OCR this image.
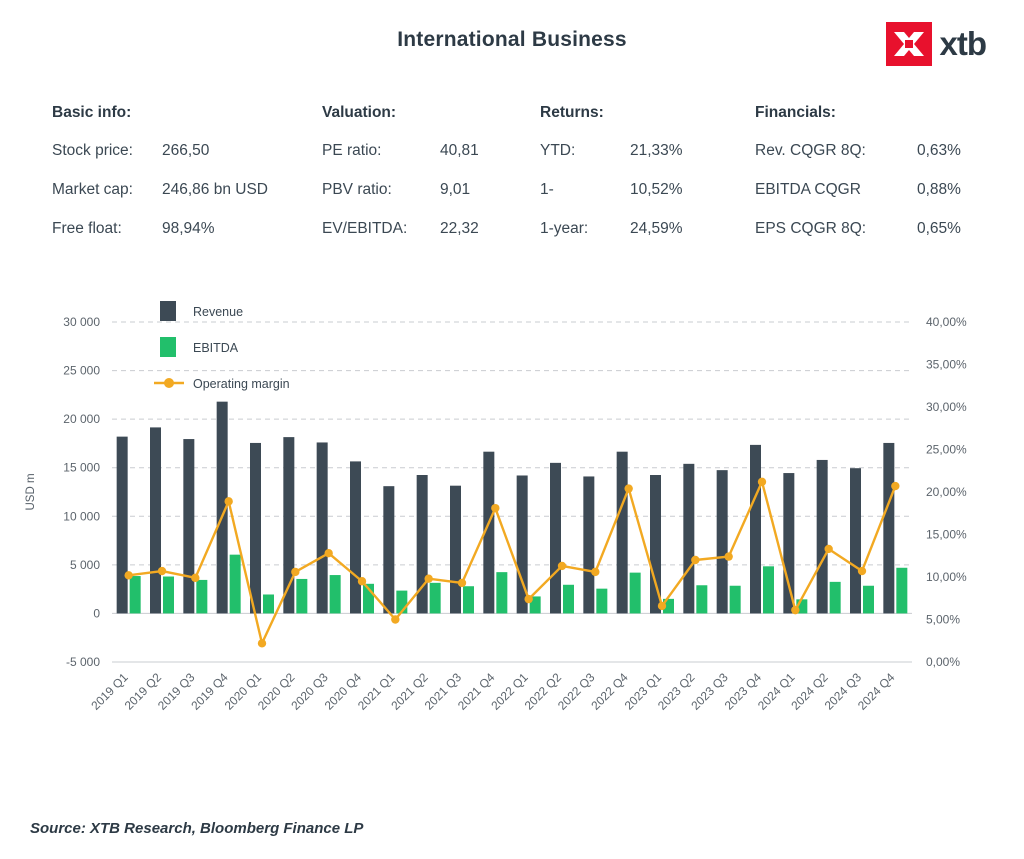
International Business	xtb
Basic info:
Stock price:	266,50
Market cap:	246,86 bn USD
Free float:	98,94%
Valuation:
PE ratio:	40,81
PBV ratio:	9,01
EV/EBITDA:	22,32
Returns:
YTD:	21,33%
1-	10,52%
1-year:	24,59%
Financials:
Rev. CQGR 8Q:	0,63%
EBITDA CQGR	0,88%
EPS CQGR 8Q:	0,65%
-5 000
0
5 000
10 000
15 000
20 000
25 000
30 000
0,00%
5,00%
10,00%
15,00%
20,00%
25,00%
30,00%
35,00%
40,00%
USD m
2019 Q1
2019 Q2
2019 Q3
2019 Q4
2020 Q1
2020 Q2
2020 Q3
2020 Q4
2021 Q1
2021 Q2
2021 Q3
2021 Q4
2022 Q1
2022 Q2
2022 Q3
2022 Q4
2023 Q1
2023 Q2
2023 Q3
2023 Q4
2024 Q1
2024 Q2
2024 Q3
2024 Q4
Revenue
EBITDA
Operating margin
Source: XTB Research, Bloomberg Finance LP
